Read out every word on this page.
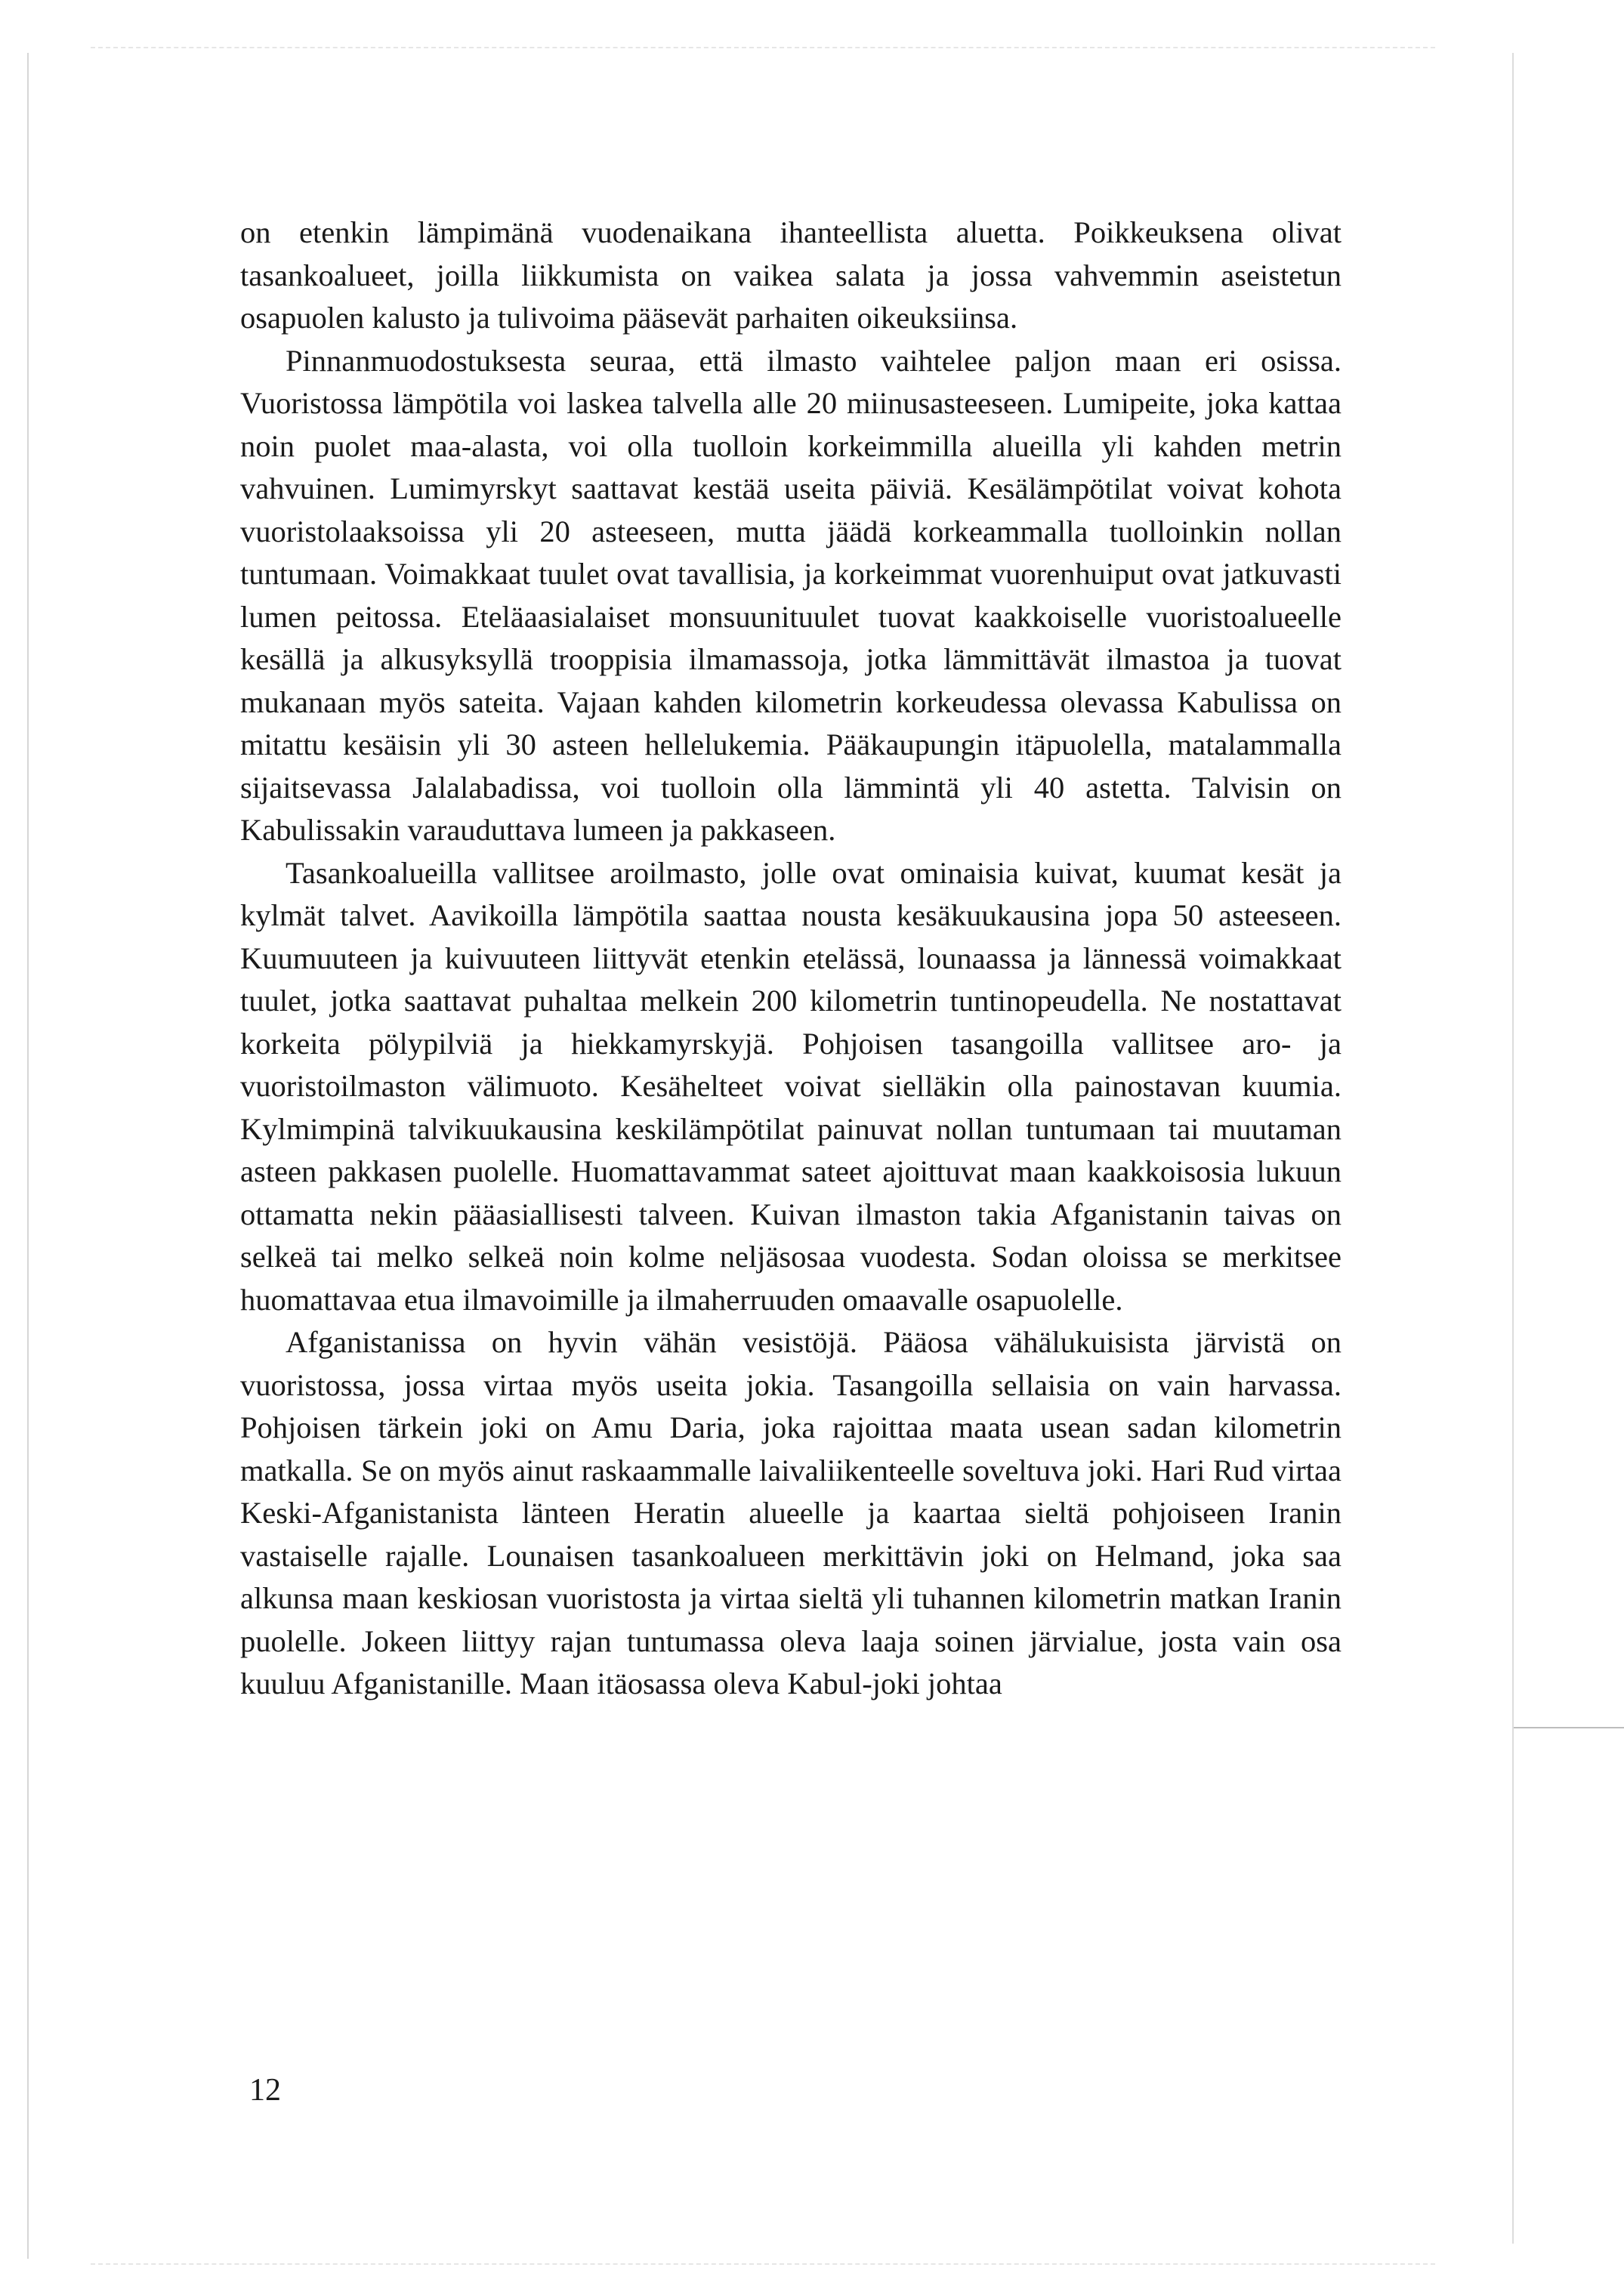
on etenkin lämpimänä vuodenaikana ihanteellista aluetta. Poikkeuksena olivat tasankoalueet, joilla liikkumista on vaikea salata ja jossa vahvemmin aseistetun osapuolen kalusto ja tulivoima pääsevät parhaiten oikeuksiinsa.

Pinnanmuodostuksesta seuraa, että ilmasto vaihtelee paljon maan eri osissa. Vuoristossa lämpötila voi laskea talvella alle 20 miinusasteeseen. Lumipeite, joka kattaa noin puolet maa-alasta, voi olla tuolloin korkeimmilla alueilla yli kahden metrin vahvuinen. Lumimyrskyt saattavat kestää useita päiviä. Kesälämpötilat voivat kohota vuoristolaaksoissa yli 20 asteeseen, mutta jäädä korkeammalla tuolloinkin nollan tuntumaan. Voimakkaat tuulet ovat tavallisia, ja korkeimmat vuorenhuiput ovat jatkuvasti lumen peitossa. Eteläaasialaiset monsuunituulet tuovat kaakkoiselle vuoristoalueelle kesällä ja alkusyksyllä trooppisia ilmamassoja, jotka lämmittävät ilmastoa ja tuovat mukanaan myös sateita. Vajaan kahden kilometrin korkeudessa olevassa Kabulissa on mitattu kesäisin yli 30 asteen hellelukemia. Pääkaupungin itäpuolella, matalammalla sijaitsevassa Jalalabadissa, voi tuolloin olla lämmintä yli 40 astetta. Talvisin on Kabulissakin varauduttava lumeen ja pakkaseen.

Tasankoalueilla vallitsee aroilmasto, jolle ovat ominaisia kuivat, kuumat kesät ja kylmät talvet. Aavikoilla lämpötila saattaa nousta kesäkuukausina jopa 50 asteeseen. Kuumuuteen ja kuivuuteen liittyvät etenkin etelässä, lounaassa ja lännessä voimakkaat tuulet, jotka saattavat puhaltaa melkein 200 kilometrin tuntinopeudella. Ne nostattavat korkeita pölypilviä ja hiekkamyrskyjä. Pohjoisen tasangoilla vallitsee aro- ja vuoristoilmaston välimuoto. Kesähelteet voivat sielläkin olla painostavan kuumia. Kylmimpinä talvikuukausina keskilämpötilat painuvat nollan tuntumaan tai muutaman asteen pakkasen puolelle. Huomattavammat sateet ajoittuvat maan kaakkoisosia lukuun ottamatta nekin pääasiallisesti talveen. Kuivan ilmaston takia Afganistanin taivas on selkeä tai melko selkeä noin kolme neljäsosaa vuodesta. Sodan oloissa se merkitsee huomattavaa etua ilmavoimille ja ilmaherruuden omaavalle osapuolelle.

Afganistanissa on hyvin vähän vesistöjä. Pääosa vähälukuisista järvistä on vuoristossa, jossa virtaa myös useita jokia. Tasangoilla sellaisia on vain harvassa. Pohjoisen tärkein joki on Amu Daria, joka rajoittaa maata usean sadan kilometrin matkalla. Se on myös ainut raskaammalle laivaliikenteelle soveltuva joki. Hari Rud virtaa Keski-Afganistanista länteen Heratin alueelle ja kaartaa sieltä pohjoiseen Iranin vastaiselle rajalle. Lounaisen tasankoalueen merkittävin joki on Helmand, joka saa alkunsa maan keskiosan vuoristosta ja virtaa sieltä yli tuhannen kilometrin matkan Iranin puolelle. Jokeen liittyy rajan tuntumassa oleva laaja soinen järvialue, josta vain osa kuuluu Afganistanille. Maan itäosassa oleva Kabul-joki johtaa

12
